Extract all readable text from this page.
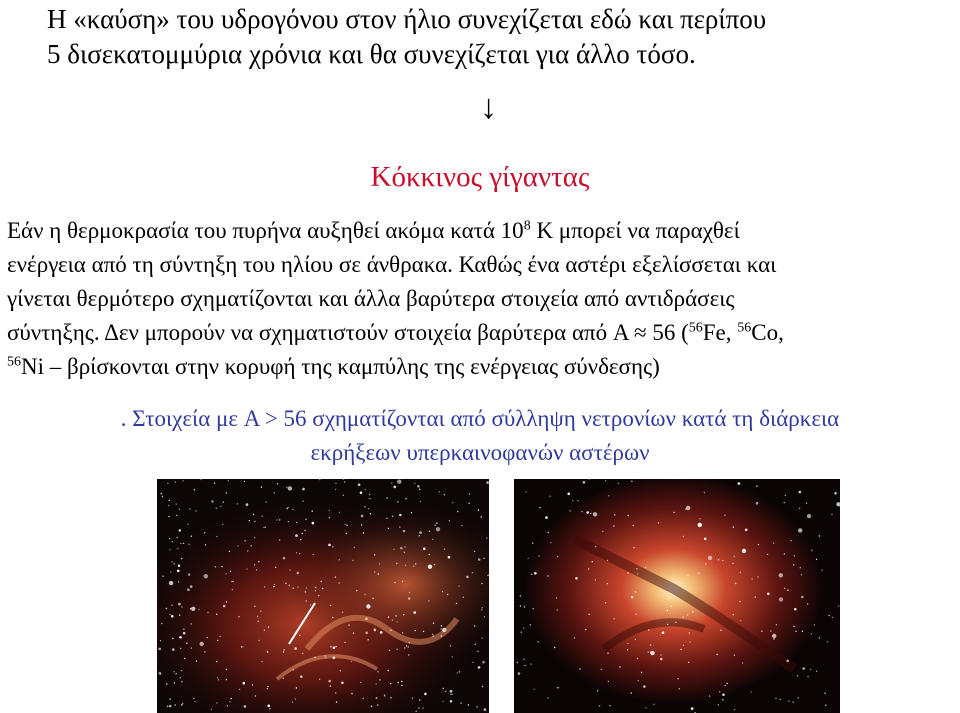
Η «καύση» του υδρογόνου στον ήλιο συνεχίζεται εδώ και περίπου
5 δισεκατομμύρια χρόνια και θα συνεχίζεται για άλλο τόσο.
↓
Κόκκινος γίγαντας
Εάν η θερμοκρασία του πυρήνα αυξηθεί ακόμα κατά $10^8$ K μπορεί να παραχθεί
ενέργεια από τη σύντηξη του ηλίου σε άνθρακα. Καθώς ένα αστέρι εξελίσσεται και
γίνεται θερμότερο σχηματίζονται και άλλα βαρύτερα στοιχεία από αντιδράσεις
σύντηξης. Δεν μπορούν να σχηματιστούν στοιχεία βαρύτερα από A ≈ 56 ($^{56}$Fe, $^{56}$Co,
$^{56}$Ni – βρίσκονται στην κορυφή της καμπύλης της ενέργειας σύνδεσης)
. Στοιχεία με A > 56 σχηματίζονται από σύλληψη νετρονίων κατά τη διάρκεια
εκρήξεων υπερκαινοφανών αστέρων
